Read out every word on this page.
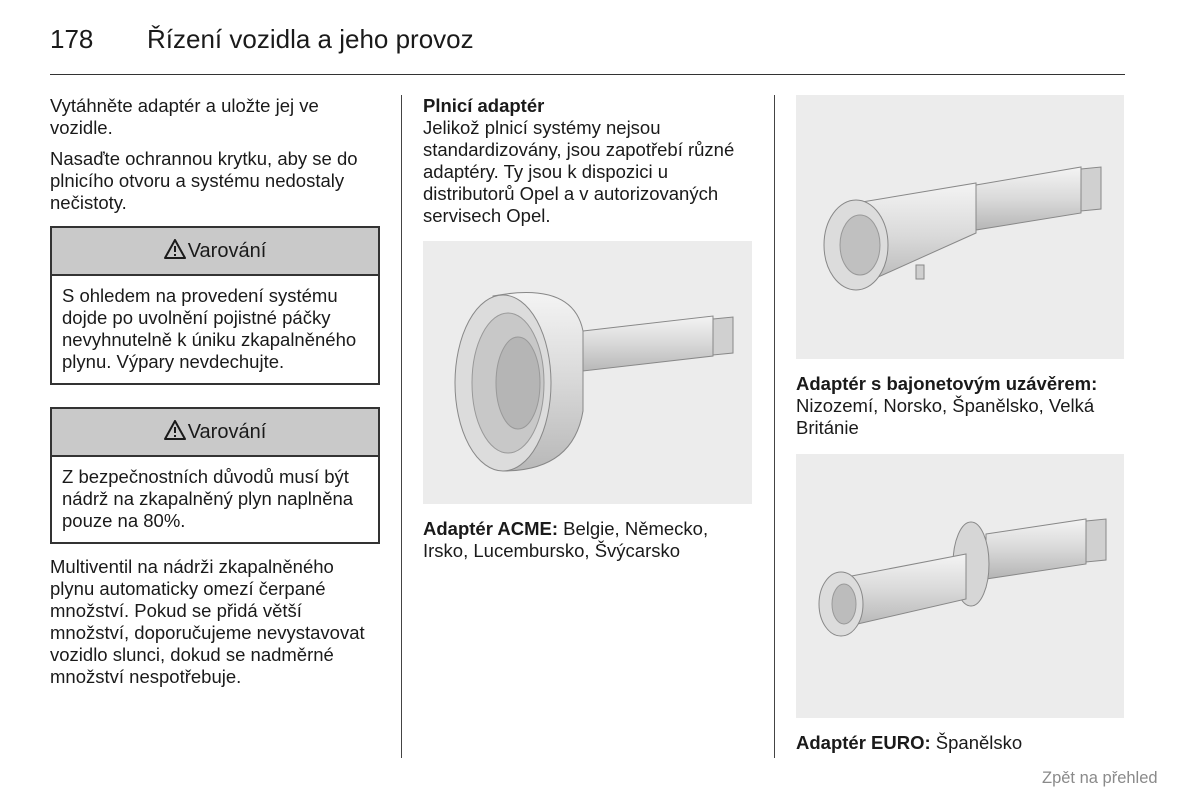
178 Řízení vozidla a jeho provoz

Vytáhněte adaptér a uložte jej ve vozidle.

Nasaďte ochrannou krytku, aby se do plnicího otvoru a systému nedostaly nečistoty.

Varování
S ohledem na provedení systému dojde po uvolnění pojistné páčky nevyhnutelně k úniku zkapalněného plynu. Výpary nevdechujte.
Varování
Z bezpečnostních důvodů musí být nádrž na zkapalněný plyn naplněna pouze na 80%.

Multiventil na nádrži zkapalněného plynu automaticky omezí čerpané množství. Pokud se přidá větší množství, doporučujeme nevystavovat vozidlo slunci, dokud se nadměrné množství nespotřebuje.

Plnicí adaptér
Jelikož plnicí systémy nejsou standardizovány, jsou zapotřebí různé adaptéry. Ty jsou k dispozici u distributorů Opel a v autorizovaných servisech Opel.
Adaptér ACME: Belgie, Německo, Irsko, Lucembursko, Švýcarsko
Adaptér s bajonetovým uzávěrem:
Nizozemí, Norsko, Španělsko, Velká Británie
Adaptér EURO: Španělsko
Zpět na přehled
